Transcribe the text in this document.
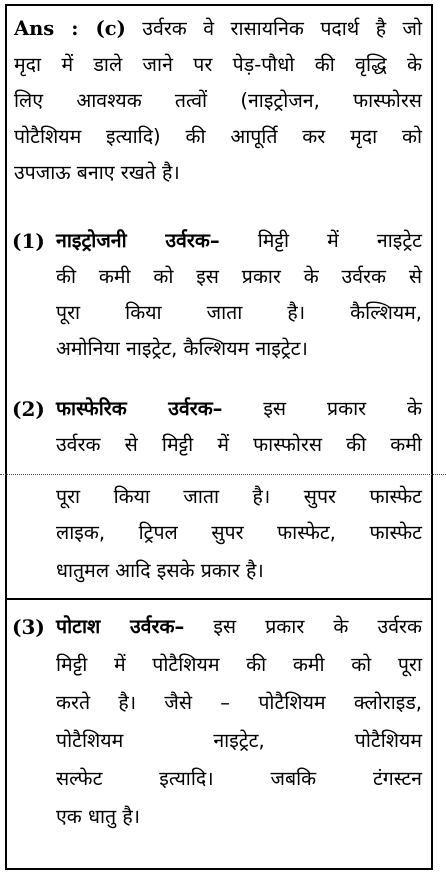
Ans : (c) उर्वरक वे रासायनिक पदार्थ है जो
मृदा में डाले जाने पर पेड़-पौधो की वृद्धि के
लिए आवश्यक तत्वों (नाइट्रोजन, फास्फोरस
पोटैशियम इत्यादि) की आपूर्ति कर मृदा को
उपजाऊ बनाए रखते है।
(1) नाइट्रोजनी उर्वरक– मिट्टी में नाइट्रेट
की कमी को इस प्रकार के उर्वरक से
पूरा किया जाता है। कैल्शियम,
अमोनिया नाइट्रेट, कैल्शियम नाइट्रेट।
(2) फास्फेरिक उर्वरक– इस प्रकार के
उर्वरक से मिट्टी में फास्फोरस की कमी
पूरा किया जाता है। सुपर फास्फेट
लाइक, ट्रिपल सुपर फास्फेट, फास्फेट
धातुमल आदि इसके प्रकार है।
(3) पोटाश उर्वरक– इस प्रकार के उर्वरक
मिट्टी में पोटैशियम की कमी को पूरा
करते है। जैसे – पोटैशियम क्लोराइड,
पोटैशियम नाइट्रेट, पोटैशियम
सल्फेट इत्यादि। जबकि टंगस्टन
एक धातु है।
